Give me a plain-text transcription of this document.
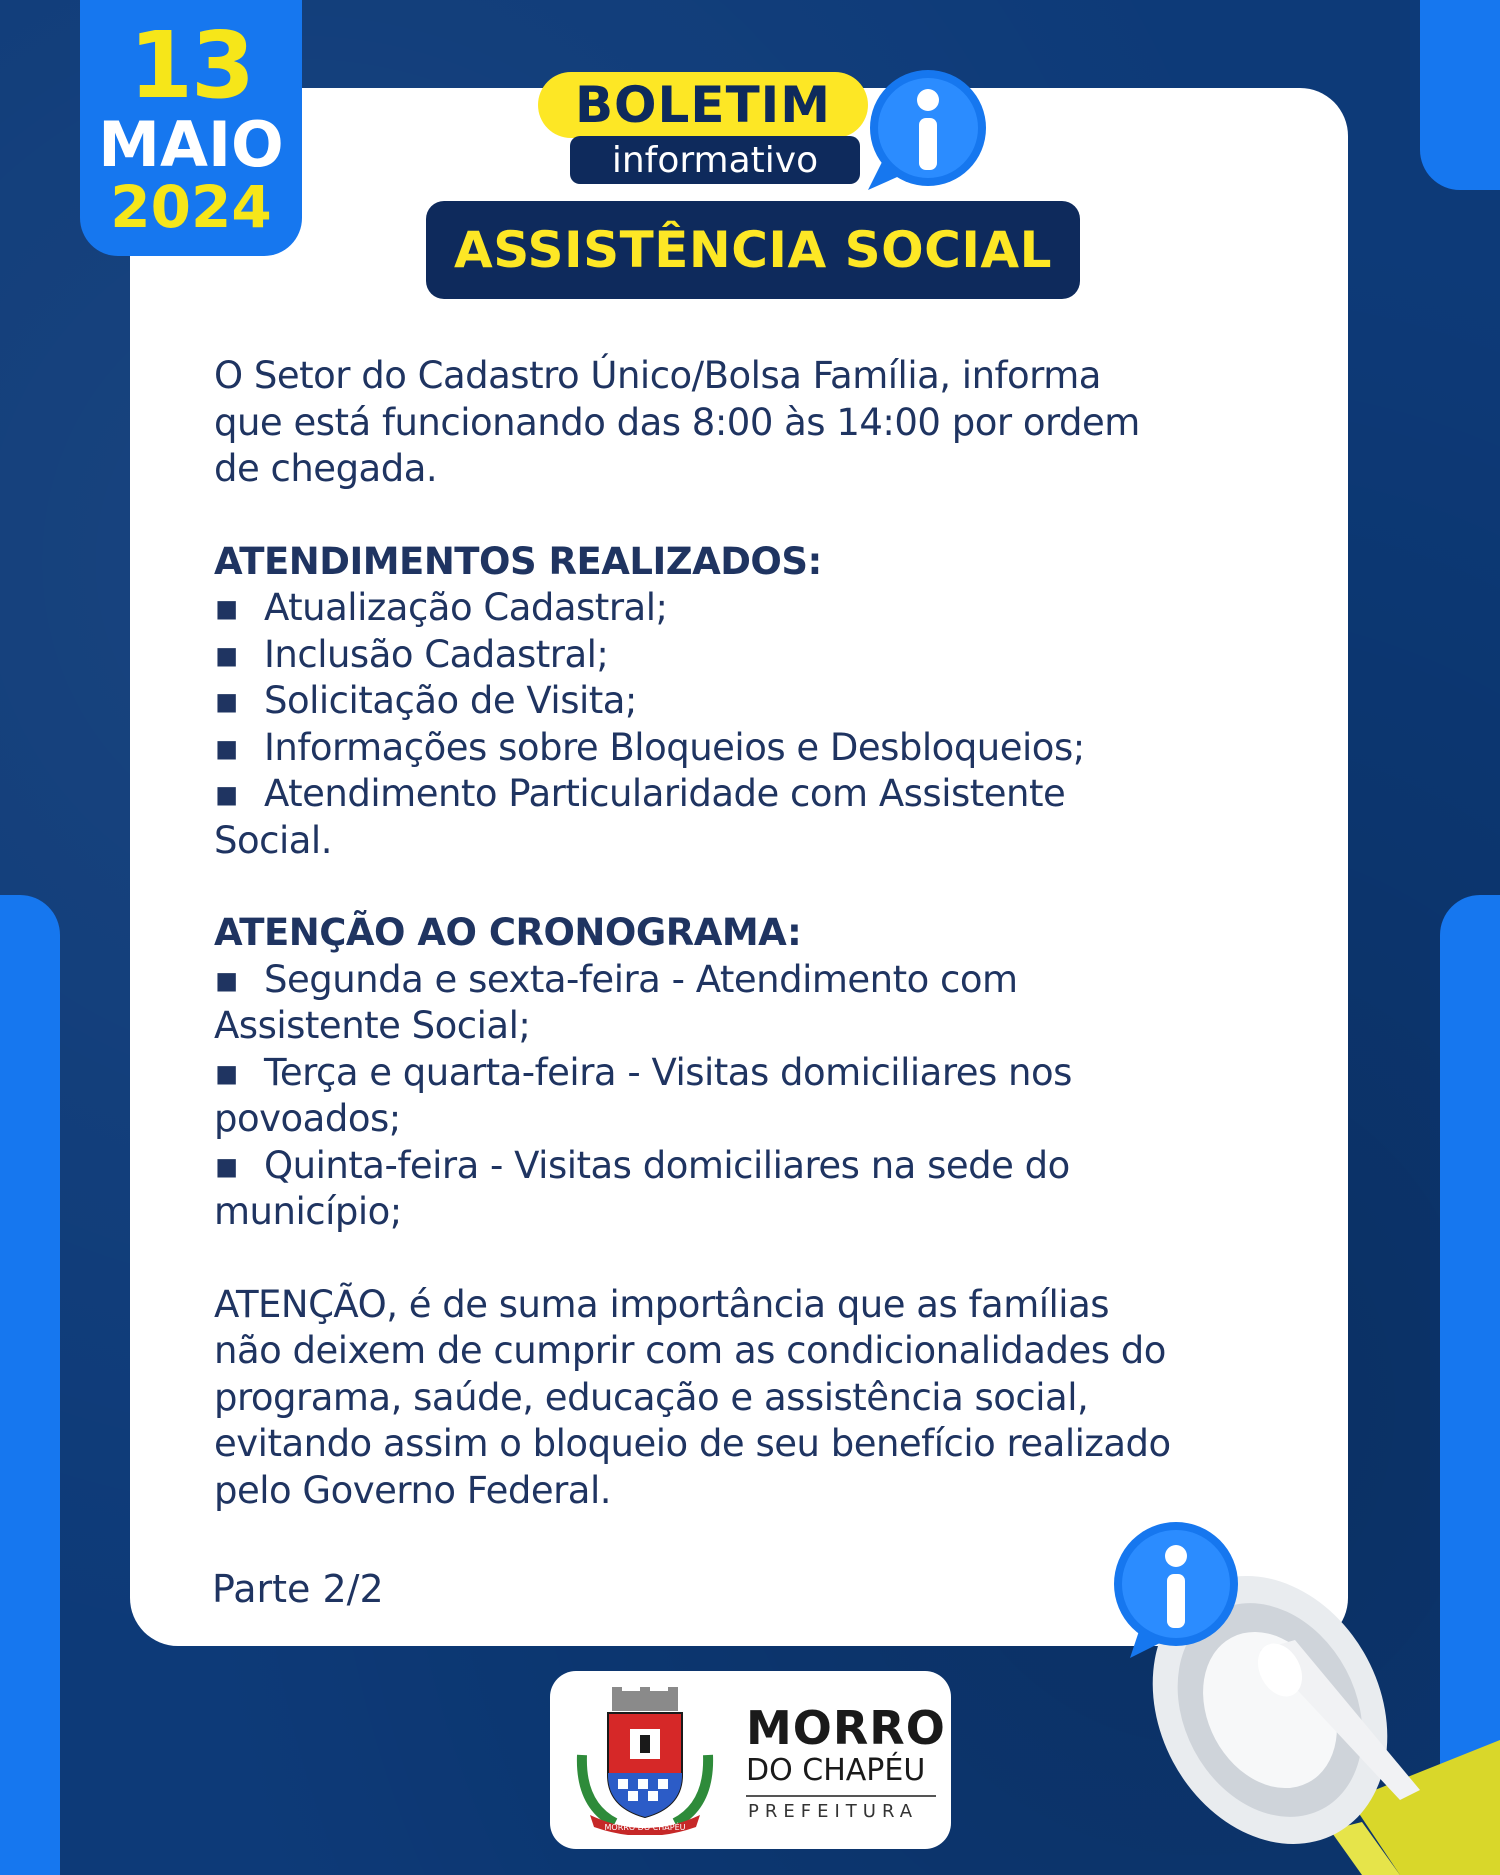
13
MAIO
2024
BOLETIM
informativo
ASSISTÊNCIA SOCIAL

O Setor do Cadastro Único/Bolsa Família, informa

que está funcionando das 8:00 às 14:00 por ordem

de chegada.

ATENDIMENTOS REALIZADOS:

▪ Atualização Cadastral;

▪ Inclusão Cadastral;

▪ Solicitação de Visita;

▪ Informações sobre Bloqueios e Desbloqueios;

▪ Atendimento Particularidade com Assistente

Social.

ATENÇÃO AO CRONOGRAMA:

▪ Segunda e sexta-feira - Atendimento com

Assistente Social;

▪ Terça e quarta-feira - Visitas domiciliares nos

povoados;

▪ Quinta-feira - Visitas domiciliares na sede do

município;

ATENÇÃO, é de suma importância que as famílias

não deixem de cumprir com as condicionalidades do

programa, saúde, educação e assistência social,

evitando assim o bloqueio de seu benefício realizado

pelo Governo Federal.

Parte 2/2
MORRO DO CHAPÉU
MORRO
DO CHAPÉU
PREFEITURA
